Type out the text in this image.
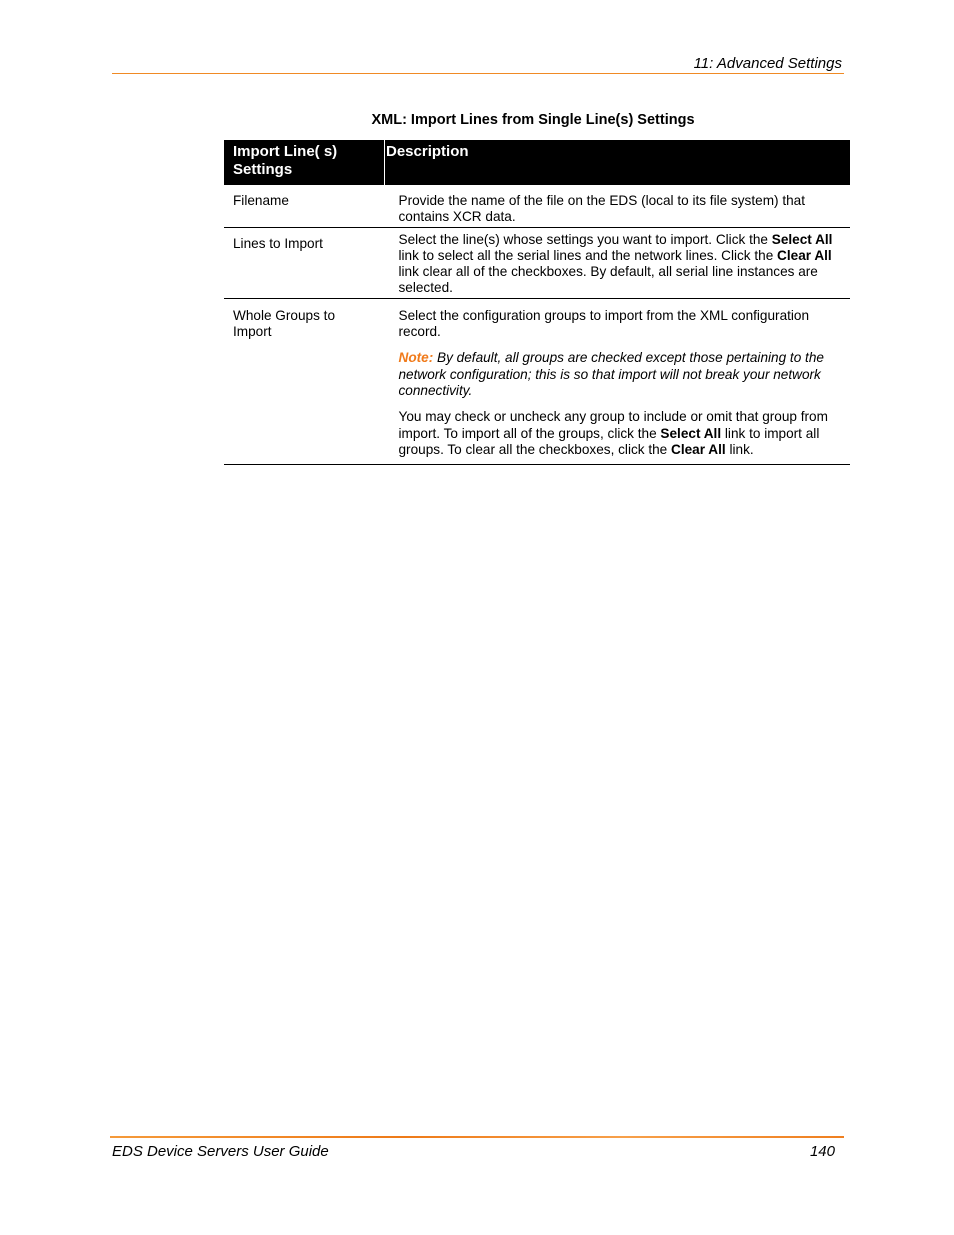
11: Advanced Settings
XML: Import Lines from Single Line(s) Settings
Import Line( s) Settings	Description
Filename	Provide the name of the file on the EDS (local to its file system) that contains XCR data.
Lines to Import	Select the line(s) whose settings you want to import. Click the Select All link to select all the serial lines and the network lines. Click the Clear All link clear all of the checkboxes. By default, all serial line instances are selected.
Whole Groups to Import	Select the configuration groups to import from the XML configuration record.

Note: By default, all groups are checked except those pertaining to the network configuration; this is so that import will not break your network connectivity.

You may check or uncheck any group to include or omit that group from import. To import all of the groups, click the Select All link to import all groups. To clear all the checkboxes, click the Clear All link.

EDS Device Servers User Guide	140
